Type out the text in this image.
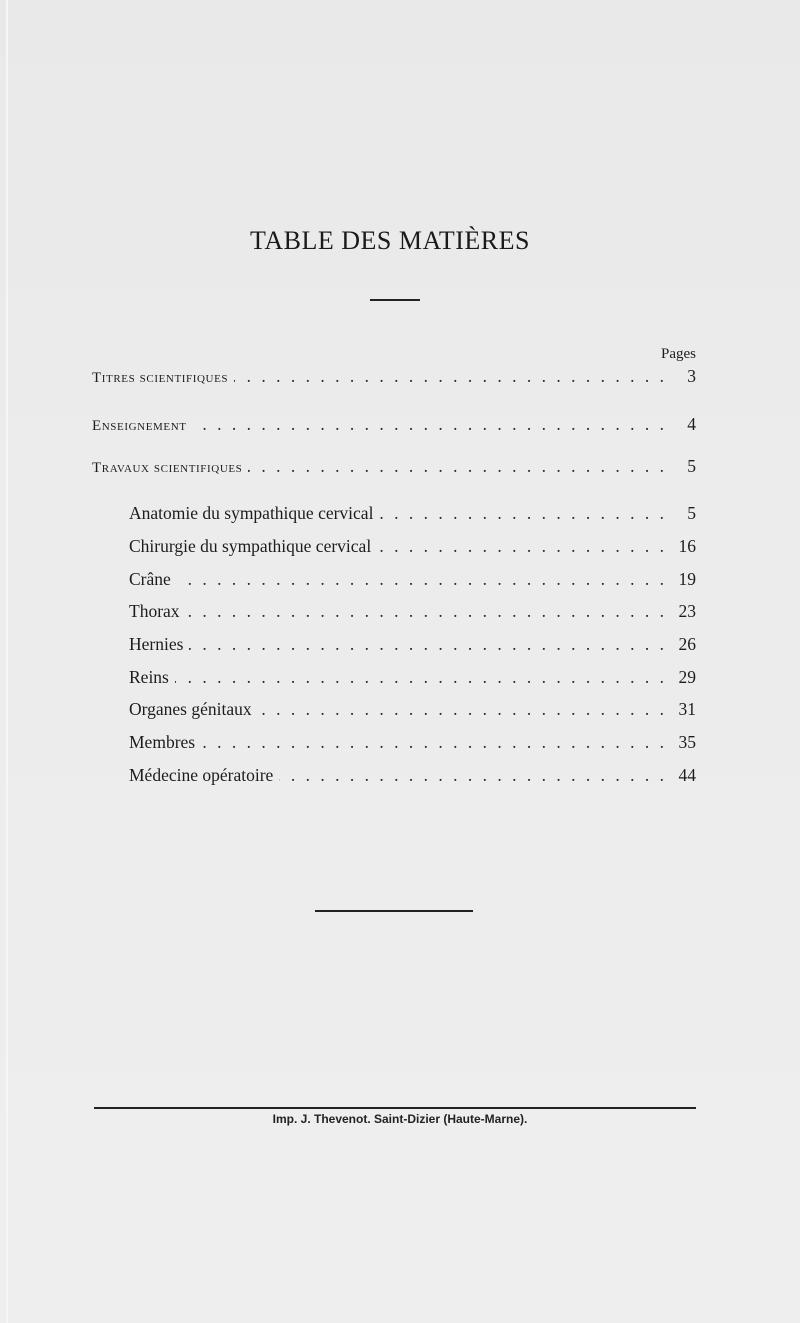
TABLE DES MATIÈRES
Pages
Titres scientifiques . . .	3
Enseignement . . .	4
Travaux scientifiques . . .	5
Anatomie du sympathique cervical . . .	5
Chirurgie du sympathique cervical . . .	16
Crâne . . .	19
Thorax . . .	23
Hernies . . .	26
Reins . . .	29
Organes génitaux . . .	31
Membres . . .	35
Médecine opératoire . . .	44
Imp. J. Thevenot. Saint-Dizier (Haute-Marne).
